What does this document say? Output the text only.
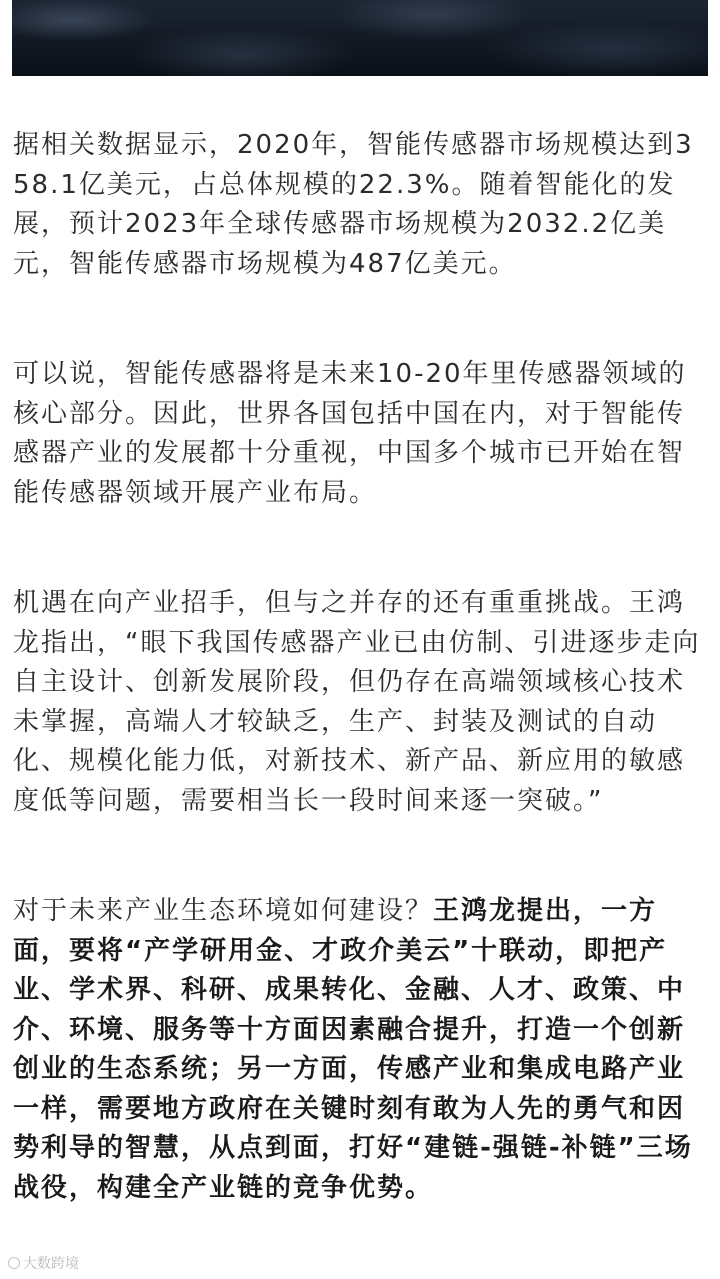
据相关数据显示，2020年，智能传感器市场规模达到358.1亿美元，占总体规模的22.3%。随着智能化的发展，预计2023年全球传感器市场规模为2032.2亿美元，智能传感器市场规模为487亿美元。

可以说，智能传感器将是未来10-20年里传感器领域的核心部分。因此，世界各国包括中国在内，对于智能传感器产业的发展都十分重视，中国多个城市已开始在智能传感器领域开展产业布局。

机遇在向产业招手，但与之并存的还有重重挑战。王鸿龙指出，“眼下我国传感器产业已由仿制、引进逐步走向自主设计、创新发展阶段，但仍存在高端领域核心技术未掌握，高端人才较缺乏，生产、封装及测试的自动化、规模化能力低，对新技术、新产品、新应用的敏感度低等问题，需要相当长一段时间来逐一突破。”

对于未来产业生态环境如何建设？王鸿龙提出，一方面，要将“产学研用金、才政介美云”十联动，即把产业、学术界、科研、成果转化、金融、人才、政策、中介、环境、服务等十方面因素融合提升，打造一个创新创业的生态系统；另一方面，传感产业和集成电路产业一样，需要地方政府在关键时刻有敢为人先的勇气和因势利导的智慧，从点到面，打好“建链-强链-补链”三场战役，构建全产业链的竞争优势。

大数跨境
